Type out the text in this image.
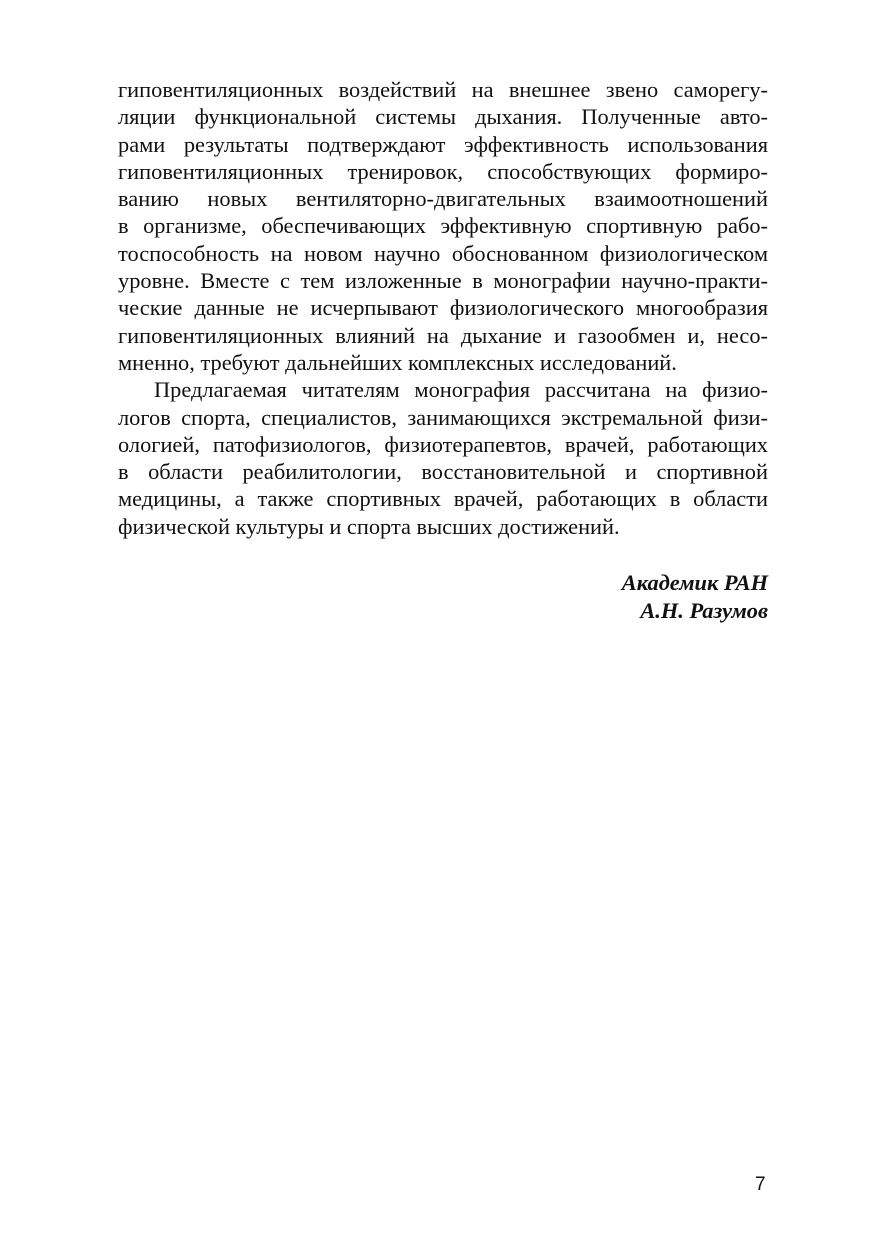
гиповентиляционных воздействий на внешнее звено саморегу-
ляции функциональной системы дыхания. Полученные авто-
рами результаты подтверждают эффективность использования
гиповентиляционных тренировок, способствующих формиро-
ванию новых вентиляторно-двигательных взаимоотношений
в организме, обеспечивающих эффективную спортивную рабо-
тоспособность на новом научно обоснованном физиологическом
уровне. Вместе с тем изложенные в монографии научно-практи-
ческие данные не исчерпывают физиологического многообразия
гиповентиляционных влияний на дыхание и газообмен и, несо-
мненно, требуют дальнейших комплексных исследований.

Предлагаемая читателям монография рассчитана на физио-
логов спорта, специалистов, занимающихся экстремальной физи-
ологией, патофизиологов, физиотерапевтов, врачей, работающих
в области реабилитологии, восстановительной и спортивной
медицины, а также спортивных врачей, работающих в области
физической культуры и спорта высших достижений.

Академик РАН
А.Н. Разумов
7
